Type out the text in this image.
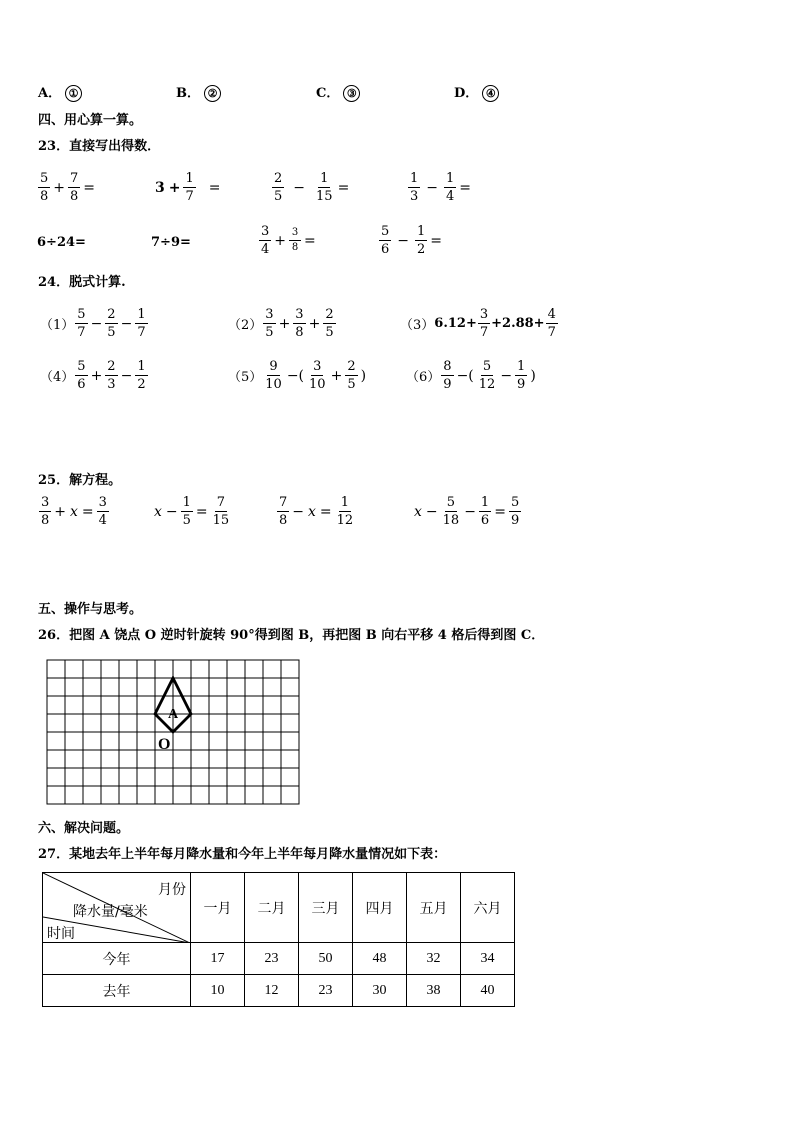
A． ①	B． ②	C． ③	D． ④
四、用心算一算。
23．直接写出得数．
$\frac{5}{8} + \frac{7}{8}$ =	$3 + \frac{1}{7}$ =	$\frac{2}{5} - \frac{1}{15}$ =	$\frac{1}{3} - \frac{1}{4}$ =
6÷24=	7÷9=	$\frac{3}{4} + \frac{3}{8}$ =	$\frac{5}{6} - \frac{1}{2}$ =
24．脱式计算.
$(1) \frac{5}{7} - \frac{2}{5} - \frac{1}{7}$	$(2) \frac{3}{5} + \frac{3}{8} + \frac{2}{5}$	（3） $6.12+ \frac{3}{7} +2.88+ \frac{4}{7}$
$(4) \frac{5}{6} + \frac{2}{3} - \frac{1}{2}$	$(5) \frac{9}{10}$ −( $\frac{3}{10} + \frac{2}{5}$ )	$(6) \frac{8}{9}$ −( $\frac{5}{12} - \frac{1}{9}$ )
25．解方程。
$\frac{3}{8} + x = \frac{3}{4}$	$x - \frac{1}{5} = \frac{7}{15}$	$\frac{7}{8} - x = \frac{1}{12}$	$x - \frac{5}{18} - \frac{1}{6} = \frac{5}{9}$
五、操作与思考。
26．把图 A 饶点 O 逆时针旋转 90°得到图 B，再把图 B 向右平移 4 格后得到图 C．
A
O
六、解决问题。
27．某地去年上半年每月降水量和今年上半年每月降水量情况如下表：
月份
降水量/毫米
时间	一月	二月	三月	四月	五月	六月
今年	17	23	50	48	32	34
去年	10	12	23	30	38	40
